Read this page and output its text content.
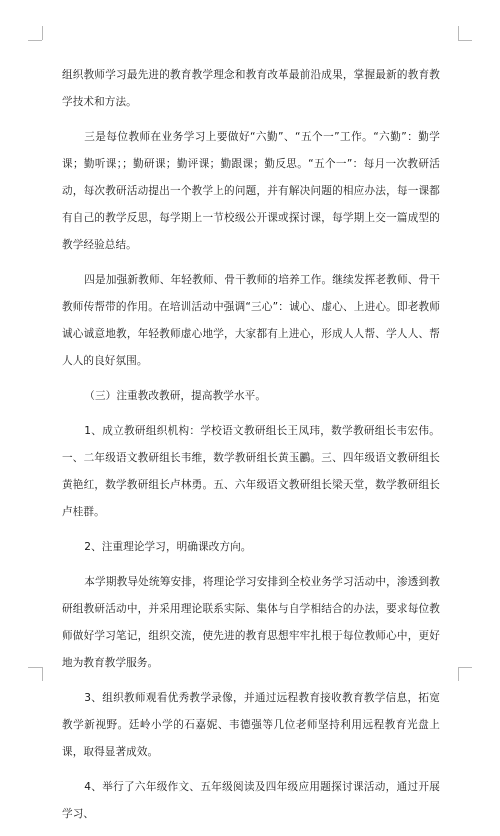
组织教师学习最先进的教育教学理念和教育改革最前沿成果，掌握最新的教育教学技术和方法。

三是每位教师在业务学习上要做好“六勤”、“五个一”工作。“六勤”：勤学课；勤听课；；勤研课；勤评课；勤跟课；勤反思。“五个一”：每月一次教研活动，每次教研活动提出一个教学上的问题，并有解决问题的相应办法，每一课都有自己的教学反思，每学期上一节校级公开课或探讨课，每学期上交一篇成型的教学经验总结。

四是加强新教师、年轻教师、骨干教师的培养工作。继续发挥老教师、骨干教师传帮带的作用。在培训活动中强调“三心”：诚心、虚心、上进心。即老教师诚心诚意地教，年轻教师虚心地学，大家都有上进心，形成人人帮、学人人、帮人人的良好氛围。

（三）注重教改教研，提高教学水平。

1、成立教研组织机构：学校语文教研组长王凤玮，数学教研组长韦宏伟。一、二年级语文教研组长韦维，数学教研组长黄玉鸝。三、四年级语文教研组长黄艳红，数学教研组长卢林勇。五、六年级语文教研组长梁天堂，数学教研组长卢桂群。

2、注重理论学习，明确课改方向。

本学期教导处统筹安排，将理论学习安排到全校业务学习活动中，渗透到教研组教研活动中，并采用理论联系实际、集体与自学相结合的办法，要求每位教师做好学习笔记，组织交流，使先进的教育思想牢牢扎根于每位教师心中，更好地为教育教学服务。

3、组织教师观看优秀教学录像，并通过远程教育接收教育教学信息，拓宽教学新视野。廷岭小学的石嘉妮、韦德强等几位老师坚持利用远程教育光盘上课，取得显著成效。

4、举行了六年级作文、五年级阅读及四年级应用题探讨课活动，通过开展学习、
